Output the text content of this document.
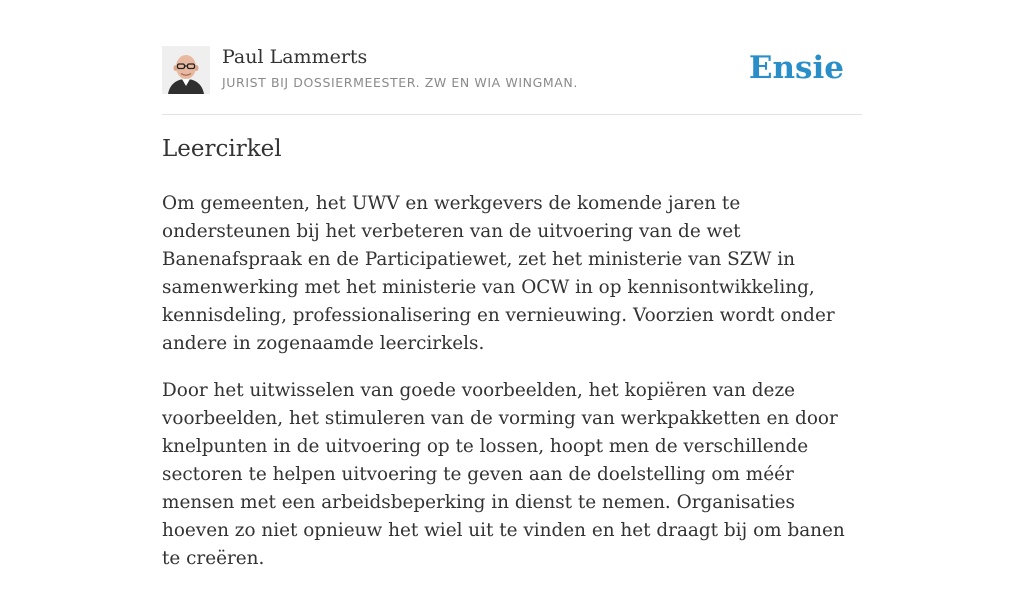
Paul Lammerts
JURIST BIJ DOSSIERMEESTER. ZW EN WIA WINGMAN.	Ensie
Leercirkel

Om gemeenten, het UWV en werkgevers de komende jaren te ondersteunen bij het verbeteren van de uitvoering van de wet Banenafspraak en de Participatiewet, zet het ministerie van SZW in samenwerking met het ministerie van OCW in op kennisontwikkeling, kennisdeling, professionalisering en vernieuwing. Voorzien wordt onder andere in zogenaamde leercirkels.

Door het uitwisselen van goede voorbeelden, het kopiëren van deze voorbeelden, het stimuleren van de vorming van werkpakketten en door knelpunten in de uitvoering op te lossen, hoopt men de verschillende sectoren te helpen uitvoering te geven aan de doelstelling om méér mensen met een arbeidsbeperking in dienst te nemen. Organisaties hoeven zo niet opnieuw het wiel uit te vinden en het draagt bij om banen te creëren.
